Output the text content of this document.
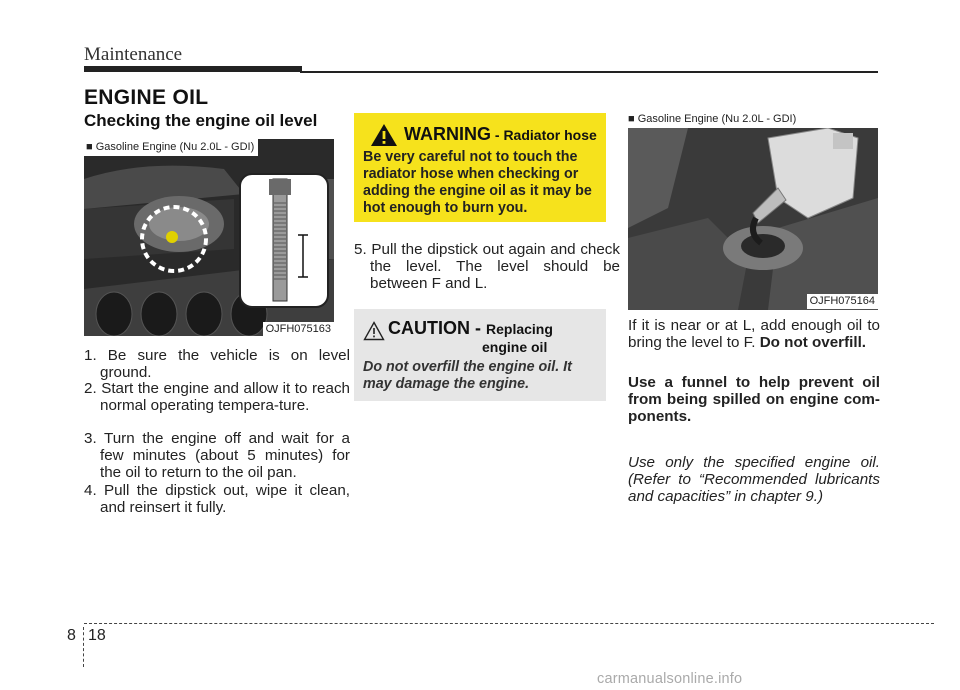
Maintenance
ENGINE OIL
Checking the engine oil level
■ Gasoline Engine (Nu 2.0L - GDI)
OJFH075163
1. Be sure the vehicle is on level ground.
2. Start the engine and allow it to reach normal operating tempera-ture.
3. Turn the engine off and wait for a few minutes (about 5 minutes) for the oil to return to the oil pan.
4. Pull the dipstick out, wipe it clean, and reinsert it fully.
WARNING - Radiator hose
Be very careful not to touch the radiator hose when checking or adding the engine oil as it may be hot enough to burn you.
5. Pull the dipstick out again and check the level. The level should be between F and L.
CAUTION - Replacing
engine oil
Do not overfill the engine oil. It may damage the engine.
■ Gasoline Engine (Nu 2.0L - GDI)
OJFH075164
If it is near or at L, add enough oil to bring the level to F. Do not overfill.
Use a funnel to help prevent oil from being spilled on engine com-ponents.
Use only the specified engine oil. (Refer to “Recommended lubricants and capacities” in chapter 9.)
8 18
carmanualsonline.info
